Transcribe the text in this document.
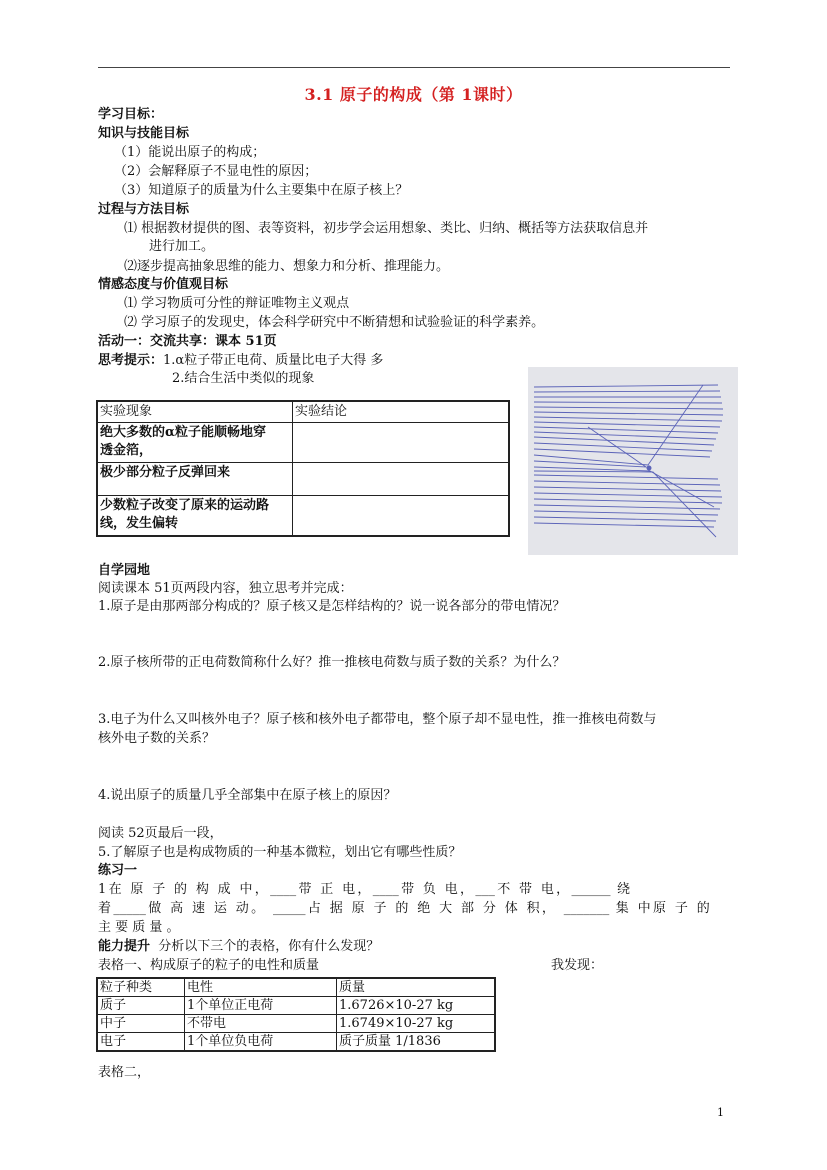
3.1 原子的构成（第 1课时）
学习目标：
知识与技能目标
（1）能说出原子的构成；
（2）会解释原子不显电性的原因；
（3）知道原子的质量为什么主要集中在原子核上？
过程与方法目标
⑴ 根据教材提供的图、表等资料，初步学会运用想象、类比、归纳、概括等方法获取信息并
进行加工。
⑵逐步提高抽象思维的能力、想象力和分析、推理能力。
情感态度与价值观目标
⑴ 学习物质可分性的辩证唯物主义观点
⑵ 学习原子的发现史，体会科学研究中不断猜想和试验验证的科学素养。
活动一：交流共享：课本 51页
思考提示：1.α粒子带正电荷、质量比电子大得 多
2.结合生活中类似的现象
实验现象	实验结论

绝大多数的α粒子能顺畅地穿
透金箔，	

极少部分粒子反弹回来	

少数粒子改变了原来的运动路
线，发生偏转	

自学园地
阅读课本 51页两段内容，独立思考并完成：
1.原子是由那两部分构成的？原子核又是怎样结构的？说一说各部分的带电情况？
2.原子核所带的正电荷数简称什么好？推一推核电荷数与质子数的关系？为什么？
3.电子为什么又叫核外电子？原子核和核外电子都带电，整个原子却不显电性，推一推核电荷数与
核外电子数的关系？
4.说出原子的质量几乎全部集中在原子核上的原因？
阅读 52页最后一段，
5.了解原子也是构成物质的一种基本微粒，划出它有哪些性质？
练习一
1在 原 子 的 构 成 中，____带 正 电，____带 负 电，___不 带 电，______ 绕
着_____做 高 速 运 动。 _____占 据 原 子 的 绝 大 部 分 体 积， _______ 集 中原 子 的
主 要 质 量 。
能力提升 分析以下三个的表格，你有什么发现？
表格一、构成原子的粒子的电性和质量	我发现：
粒子种类	电性	质量
质子	1个单位正电荷	1.6726×10-27 kg
中子	不带电	1.6749×10-27 kg
电子	1个单位负电荷	质子质量 1/1836
表格二，
1
